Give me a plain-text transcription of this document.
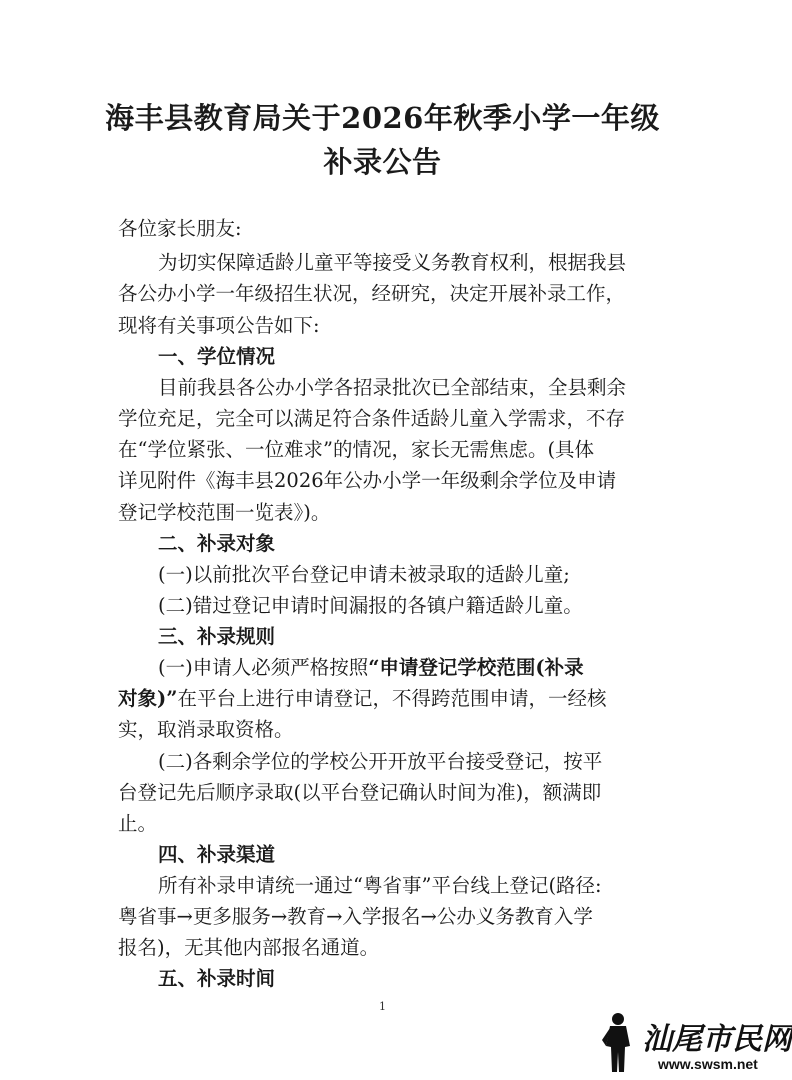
海丰县教育局关于2026年秋季小学一年级
补录公告
各位家长朋友:
为切实保障适龄儿童平等接受义务教育权利，根据我县
各公办小学一年级招生状况，经研究，决定开展补录工作，
现将有关事项公告如下:
一、学位情况
目前我县各公办小学各招录批次已全部结束，全县剩余
学位充足，完全可以满足符合条件适龄儿童入学需求，不存
在“学位紧张、一位难求”的情况，家长无需焦虑。(具体
详见附件《海丰县2026年公办小学一年级剩余学位及申请
登记学校范围一览表》)。
二、补录对象
(一)以前批次平台登记申请未被录取的适龄儿童;
(二)错过登记申请时间漏报的各镇户籍适龄儿童。
三、补录规则
(一)申请人必须严格按照“申请登记学校范围(补录
对象)”在平台上进行申请登记，不得跨范围申请，一经核
实，取消录取资格。
(二)各剩余学位的学校公开开放平台接受登记，按平
台登记先后顺序录取(以平台登记确认时间为准)，额满即
止。
四、补录渠道
所有补录申请统一通过“粤省事”平台线上登记(路径:
粤省事→更多服务→教育→入学报名→公办义务教育入学
报名)，无其他内部报名通道。
五、补录时间
1
汕尾市民网
www.swsm.net
